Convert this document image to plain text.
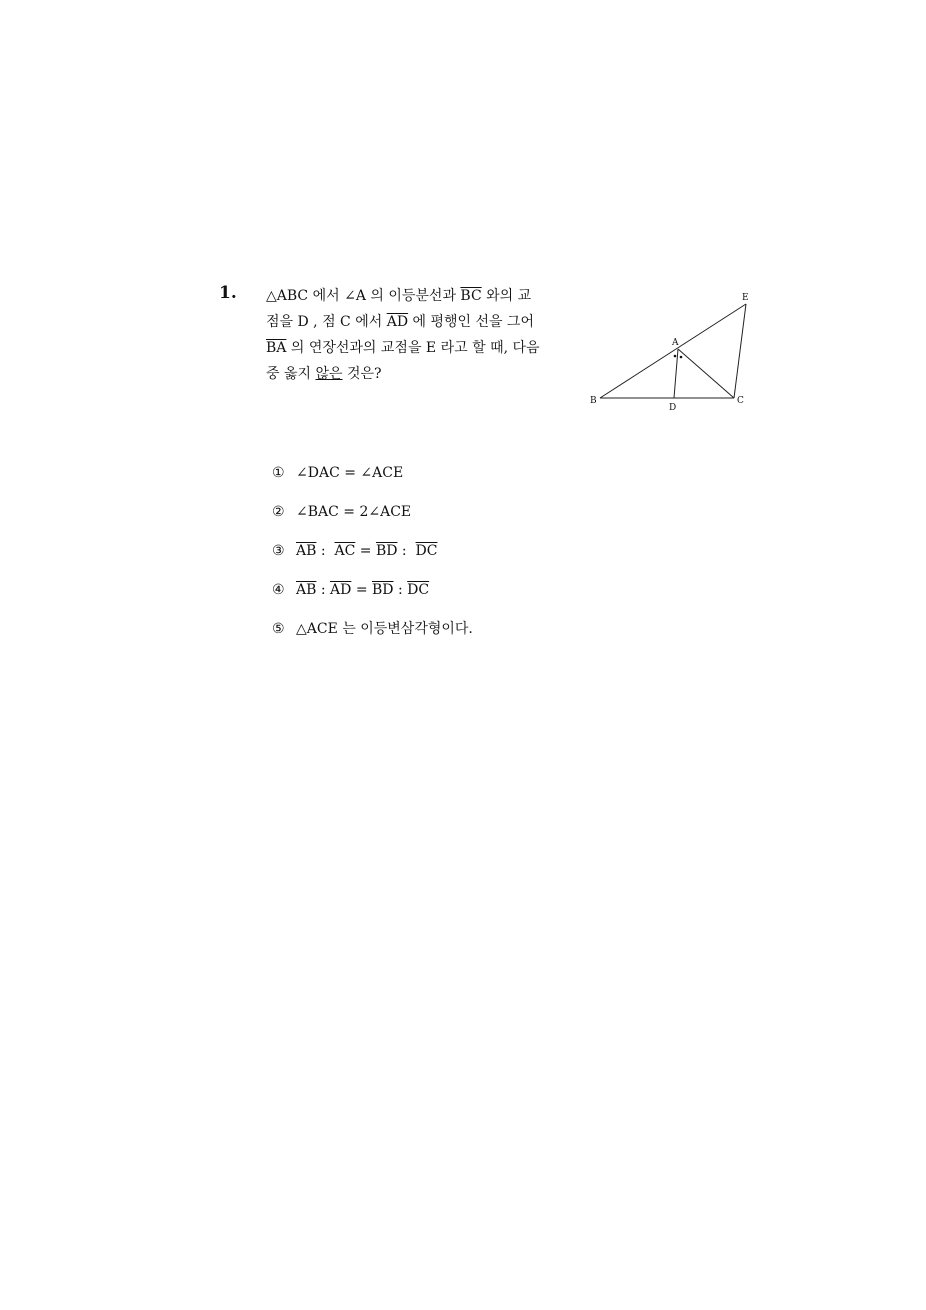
1. △ABC 에서 ∠A 의 이등분선과 $\overline{BC}$ 와의 교

점을 D , 점 C 에서 $\overline{AD}$ 에 평행인 선을 그어

$\overline{BA}$ 의 연장선과의 교점을 E 라고 할 때, 다음

중 옳지 않은 것은?

A
B	C
D
E
① ∠DAC = ∠ACE
② ∠BAC = 2∠ACE
③ $\overline{AB}$ :  $\overline{AC} = \overline{BD}$ :  $\overline{DC}$
④ $\overline{AB}$ : $\overline{AD} = \overline{BD}$ : $\overline{DC}$
⑤ △ACE 는 이등변삼각형이다.
